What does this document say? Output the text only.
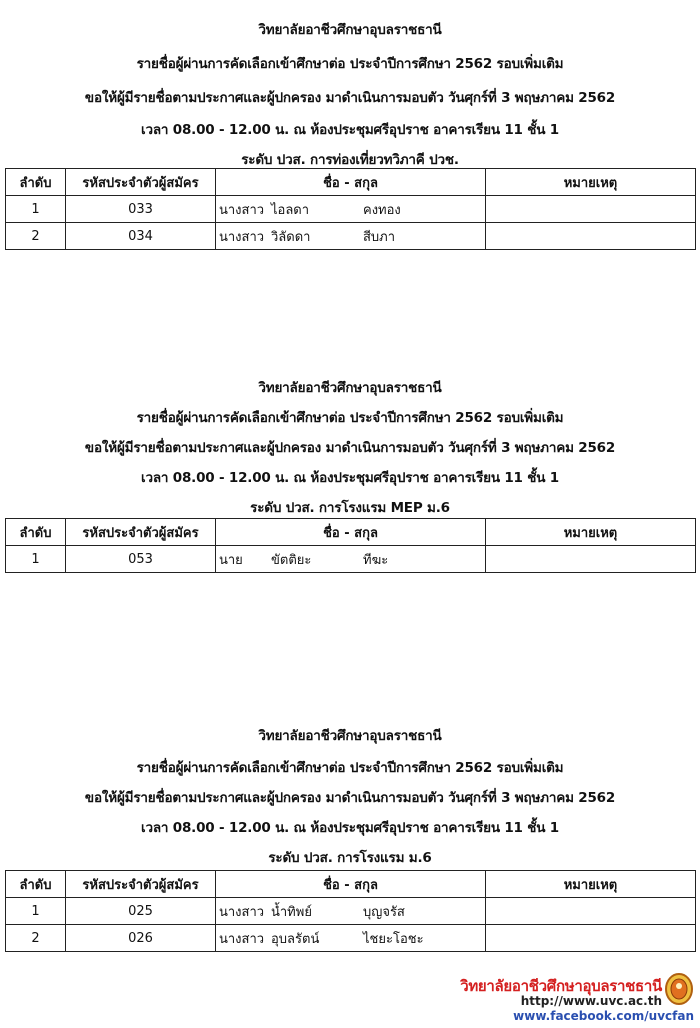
วิทยาลัยอาชีวศึกษาอุบลราชธานี
รายชื่อผู้ผ่านการคัดเลือกเข้าศึกษาต่อ ประจำปีการศึกษา 2562 รอบเพิ่มเติม
ขอให้ผู้มีรายชื่อตามประกาศและผู้ปกครอง มาดำเนินการมอบตัว วันศุกร์ที่ 3 พฤษภาคม 2562
เวลา 08.00 - 12.00 น. ณ ห้องประชุมศรีอุปราช อาคารเรียน 11 ชั้น 1
ระดับ ปวส. การท่องเที่ยวทวิภาคี ปวช.
ลำดับ	รหัสประจำตัวผู้สมัคร	ชื่อ - สกุล	หมายเหตุ
1	033	นางสาว ไอลดา คงทอง	
2	034	นางสาว วิลัดดา สีบภา	
วิทยาลัยอาชีวศึกษาอุบลราชธานี
รายชื่อผู้ผ่านการคัดเลือกเข้าศึกษาต่อ ประจำปีการศึกษา 2562 รอบเพิ่มเติม
ขอให้ผู้มีรายชื่อตามประกาศและผู้ปกครอง มาดำเนินการมอบตัว วันศุกร์ที่ 3 พฤษภาคม 2562
เวลา 08.00 - 12.00 น. ณ ห้องประชุมศรีอุปราช อาคารเรียน 11 ชั้น 1
ระดับ ปวส. การโรงแรม MEP ม.6
ลำดับ	รหัสประจำตัวผู้สมัคร	ชื่อ - สกุล	หมายเหตุ
1	053	นาย ขัตติยะ ทีฆะ	
วิทยาลัยอาชีวศึกษาอุบลราชธานี
รายชื่อผู้ผ่านการคัดเลือกเข้าศึกษาต่อ ประจำปีการศึกษา 2562 รอบเพิ่มเติม
ขอให้ผู้มีรายชื่อตามประกาศและผู้ปกครอง มาดำเนินการมอบตัว วันศุกร์ที่ 3 พฤษภาคม 2562
เวลา 08.00 - 12.00 น. ณ ห้องประชุมศรีอุปราช อาคารเรียน 11 ชั้น 1
ระดับ ปวส. การโรงแรม ม.6
ลำดับ	รหัสประจำตัวผู้สมัคร	ชื่อ - สกุล	หมายเหตุ
1	025	นางสาว น้ำทิพย์ บุญจรัส	
2	026	นางสาว อุบลรัตน์ ไชยะโอชะ	
วิทยาลัยอาชีวศึกษาอุบลราชธานี
http://www.uvc.ac.th
www.facebook.com/uvcfan
